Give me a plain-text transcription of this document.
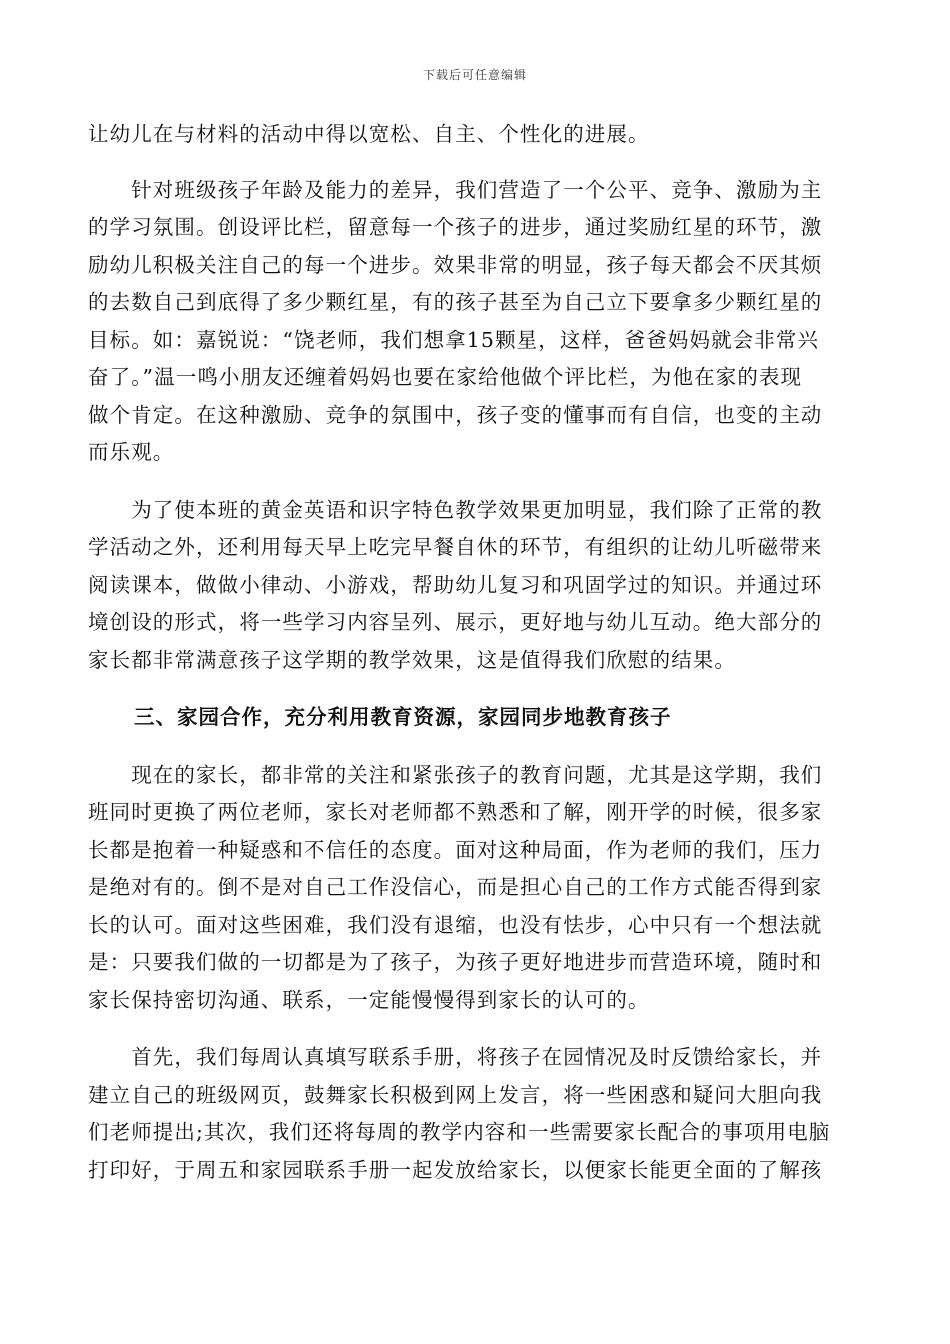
下载后可任意编辑
让幼儿在与材料的活动中得以宽松、自主、个性化的进展。
　　针对班级孩子年龄及能力的差异，我们营造了一个公平、竞争、激励为主
的学习氛围。创设评比栏，留意每一个孩子的进步，通过奖励红星的环节，激
励幼儿积极关注自己的每一个进步。效果非常的明显，孩子每天都会不厌其烦
的去数自己到底得了多少颗红星，有的孩子甚至为自己立下要拿多少颗红星的
目标。如：嘉锐说：“饶老师，我们想拿15颗星，这样，爸爸妈妈就会非常兴
奋了。”温一鸣小朋友还缠着妈妈也要在家给他做个评比栏，为他在家的表现
做个肯定。在这种激励、竞争的氛围中，孩子变的懂事而有自信，也变的主动
而乐观。
　　为了使本班的黄金英语和识字特色教学效果更加明显，我们除了正常的教
学活动之外，还利用每天早上吃完早餐自休的环节，有组织的让幼儿听磁带来
阅读课本，做做小律动、小游戏，帮助幼儿复习和巩固学过的知识。并通过环
境创设的形式，将一些学习内容呈列、展示，更好地与幼儿互动。绝大部分的
家长都非常满意孩子这学期的教学效果，这是值得我们欣慰的结果。
三、家园合作，充分利用教育资源，家园同步地教育孩子
　　现在的家长，都非常的关注和紧张孩子的教育问题，尤其是这学期，我们
班同时更换了两位老师，家长对老师都不熟悉和了解，刚开学的时候，很多家
长都是抱着一种疑惑和不信任的态度。面对这种局面，作为老师的我们，压力
是绝对有的。倒不是对自己工作没信心，而是担心自己的工作方式能否得到家
长的认可。面对这些困难，我们没有退缩，也没有怯步，心中只有一个想法就
是：只要我们做的一切都是为了孩子，为孩子更好地进步而营造环境，随时和
家长保持密切沟通、联系，一定能慢慢得到家长的认可的。
　　首先，我们每周认真填写联系手册，将孩子在园情况及时反馈给家长，并
建立自己的班级网页，鼓舞家长积极到网上发言，将一些困惑和疑问大胆向我
们老师提出;其次，我们还将每周的教学内容和一些需要家长配合的事项用电脑
打印好，于周五和家园联系手册一起发放给家长，以便家长能更全面的了解孩
